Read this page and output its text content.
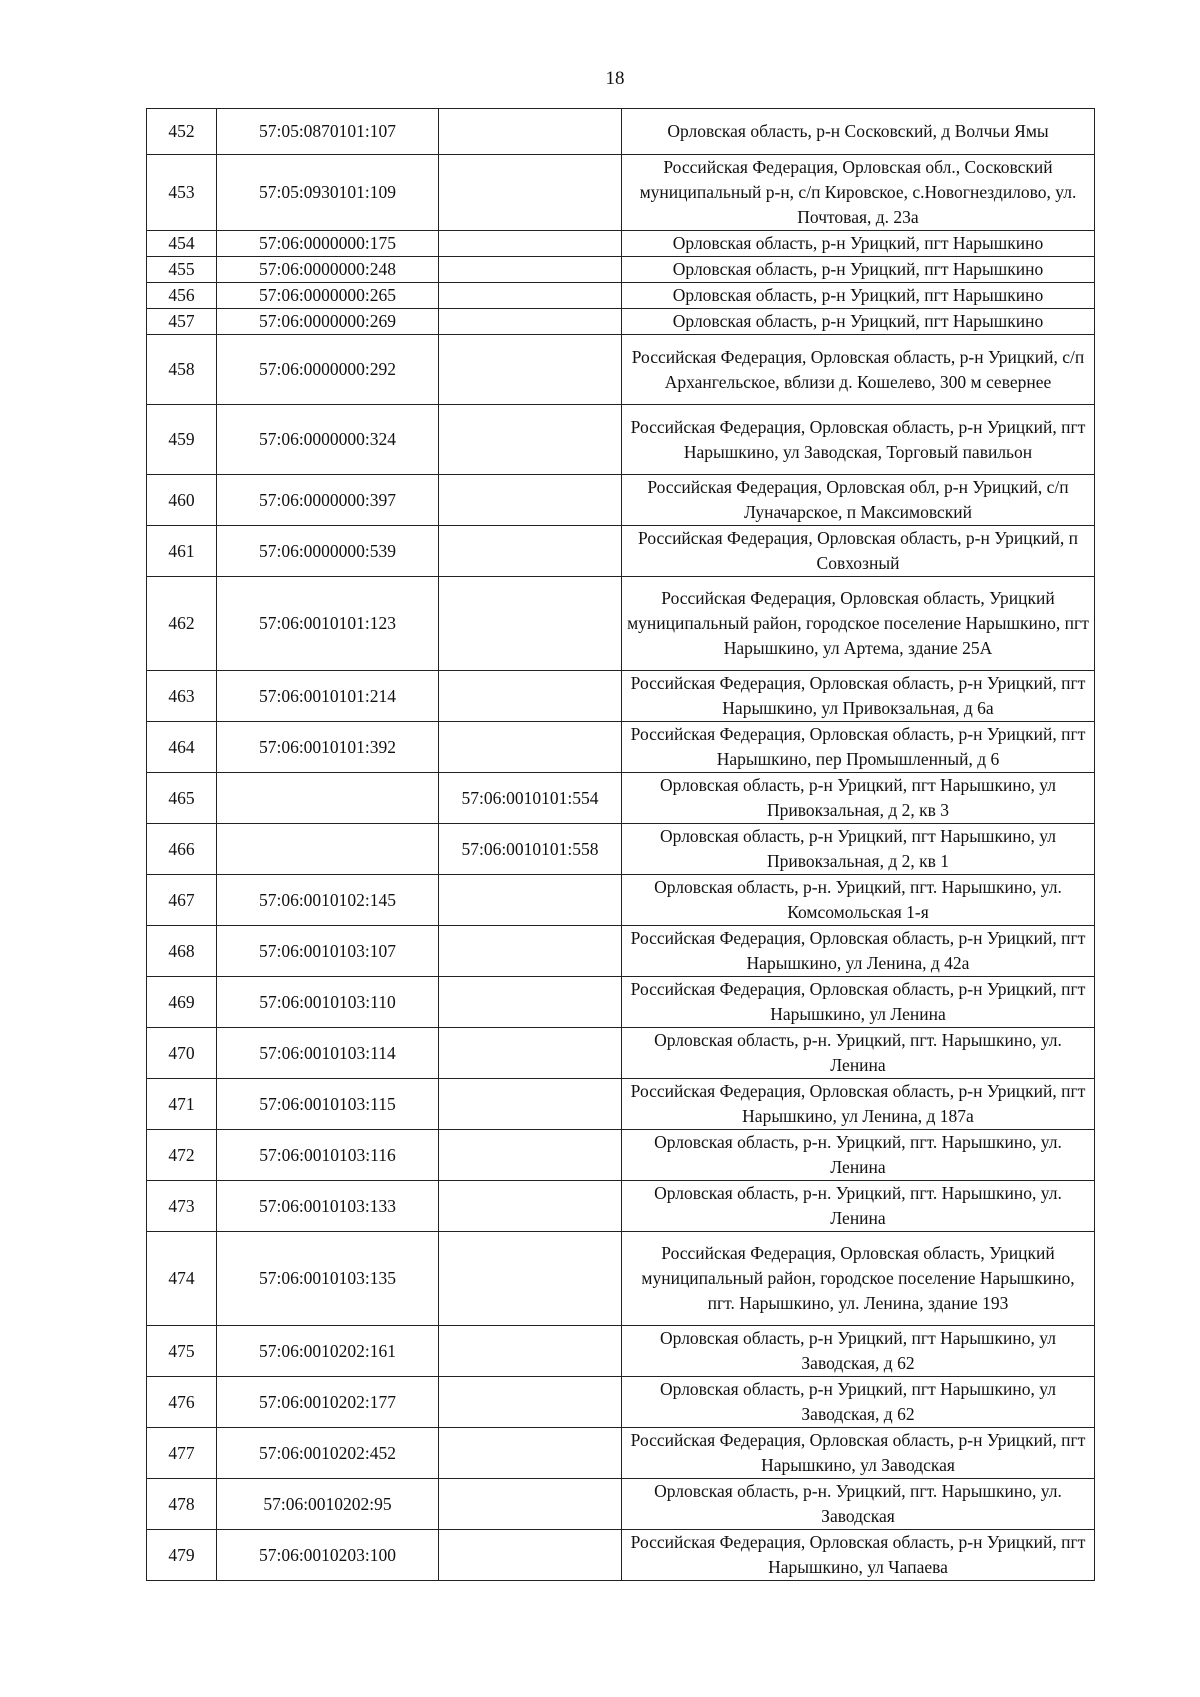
18
452	57:05:0870101:107		Орловская область, р-н Сосковский, д Волчьи Ямы
453	57:05:0930101:109		Российская Федерация, Орловская обл., Сосковский муниципальный р-н, с/п Кировское, с.Новогнездилово, ул. Почтовая, д. 23а
454	57:06:0000000:175		Орловская область, р-н Урицкий, пгт Нарышкино
455	57:06:0000000:248		Орловская область, р-н Урицкий, пгт Нарышкино
456	57:06:0000000:265		Орловская область, р-н Урицкий, пгт Нарышкино
457	57:06:0000000:269		Орловская область, р-н Урицкий, пгт Нарышкино
458	57:06:0000000:292		Российская Федерация, Орловская область, р-н Урицкий, с/п Архангельское, вблизи д. Кошелево, 300 м севернее
459	57:06:0000000:324		Российская Федерация, Орловская область, р-н Урицкий, пгт Нарышкино, ул Заводская, Торговый павильон
460	57:06:0000000:397		Российская Федерация, Орловская обл, р-н Урицкий, с/п Луначарское, п Максимовский
461	57:06:0000000:539		Российская Федерация, Орловская область, р-н Урицкий, п Совхозный
462	57:06:0010101:123		Российская Федерация, Орловская область, Урицкий муниципальный район, городское поселение Нарышкино, пгт Нарышкино, ул Артема, здание 25А
463	57:06:0010101:214		Российская Федерация, Орловская область, р-н Урицкий, пгт Нарышкино, ул Привокзальная, д 6а
464	57:06:0010101:392		Российская Федерация, Орловская область, р-н Урицкий, пгт Нарышкино, пер Промышленный, д 6
465		57:06:0010101:554	Орловская область, р-н Урицкий, пгт Нарышкино, ул Привокзальная, д 2, кв 3
466		57:06:0010101:558	Орловская область, р-н Урицкий, пгт Нарышкино, ул Привокзальная, д 2, кв 1
467	57:06:0010102:145		Орловская область, р-н. Урицкий, пгт. Нарышкино, ул. Комсомольская 1-я
468	57:06:0010103:107		Российская Федерация, Орловская область, р-н Урицкий, пгт Нарышкино, ул Ленина, д 42а
469	57:06:0010103:110		Российская Федерация, Орловская область, р-н Урицкий, пгт Нарышкино, ул Ленина
470	57:06:0010103:114		Орловская область, р-н. Урицкий, пгт. Нарышкино, ул. Ленина
471	57:06:0010103:115		Российская Федерация, Орловская область, р-н Урицкий, пгт Нарышкино, ул Ленина, д 187а
472	57:06:0010103:116		Орловская область, р-н. Урицкий, пгт. Нарышкино, ул. Ленина
473	57:06:0010103:133		Орловская область, р-н. Урицкий, пгт. Нарышкино, ул. Ленина
474	57:06:0010103:135		Российская Федерация, Орловская область, Урицкий муниципальный район, городское поселение Нарышкино, пгт. Нарышкино, ул. Ленина, здание 193
475	57:06:0010202:161		Орловская область, р-н Урицкий, пгт Нарышкино, ул Заводская, д 62
476	57:06:0010202:177		Орловская область, р-н Урицкий, пгт Нарышкино, ул Заводская, д 62
477	57:06:0010202:452		Российская Федерация, Орловская область, р-н Урицкий, пгт Нарышкино, ул Заводская
478	57:06:0010202:95		Орловская область, р-н. Урицкий, пгт. Нарышкино, ул. Заводская
479	57:06:0010203:100		Российская Федерация, Орловская область, р-н Урицкий, пгт Нарышкино, ул Чапаева
